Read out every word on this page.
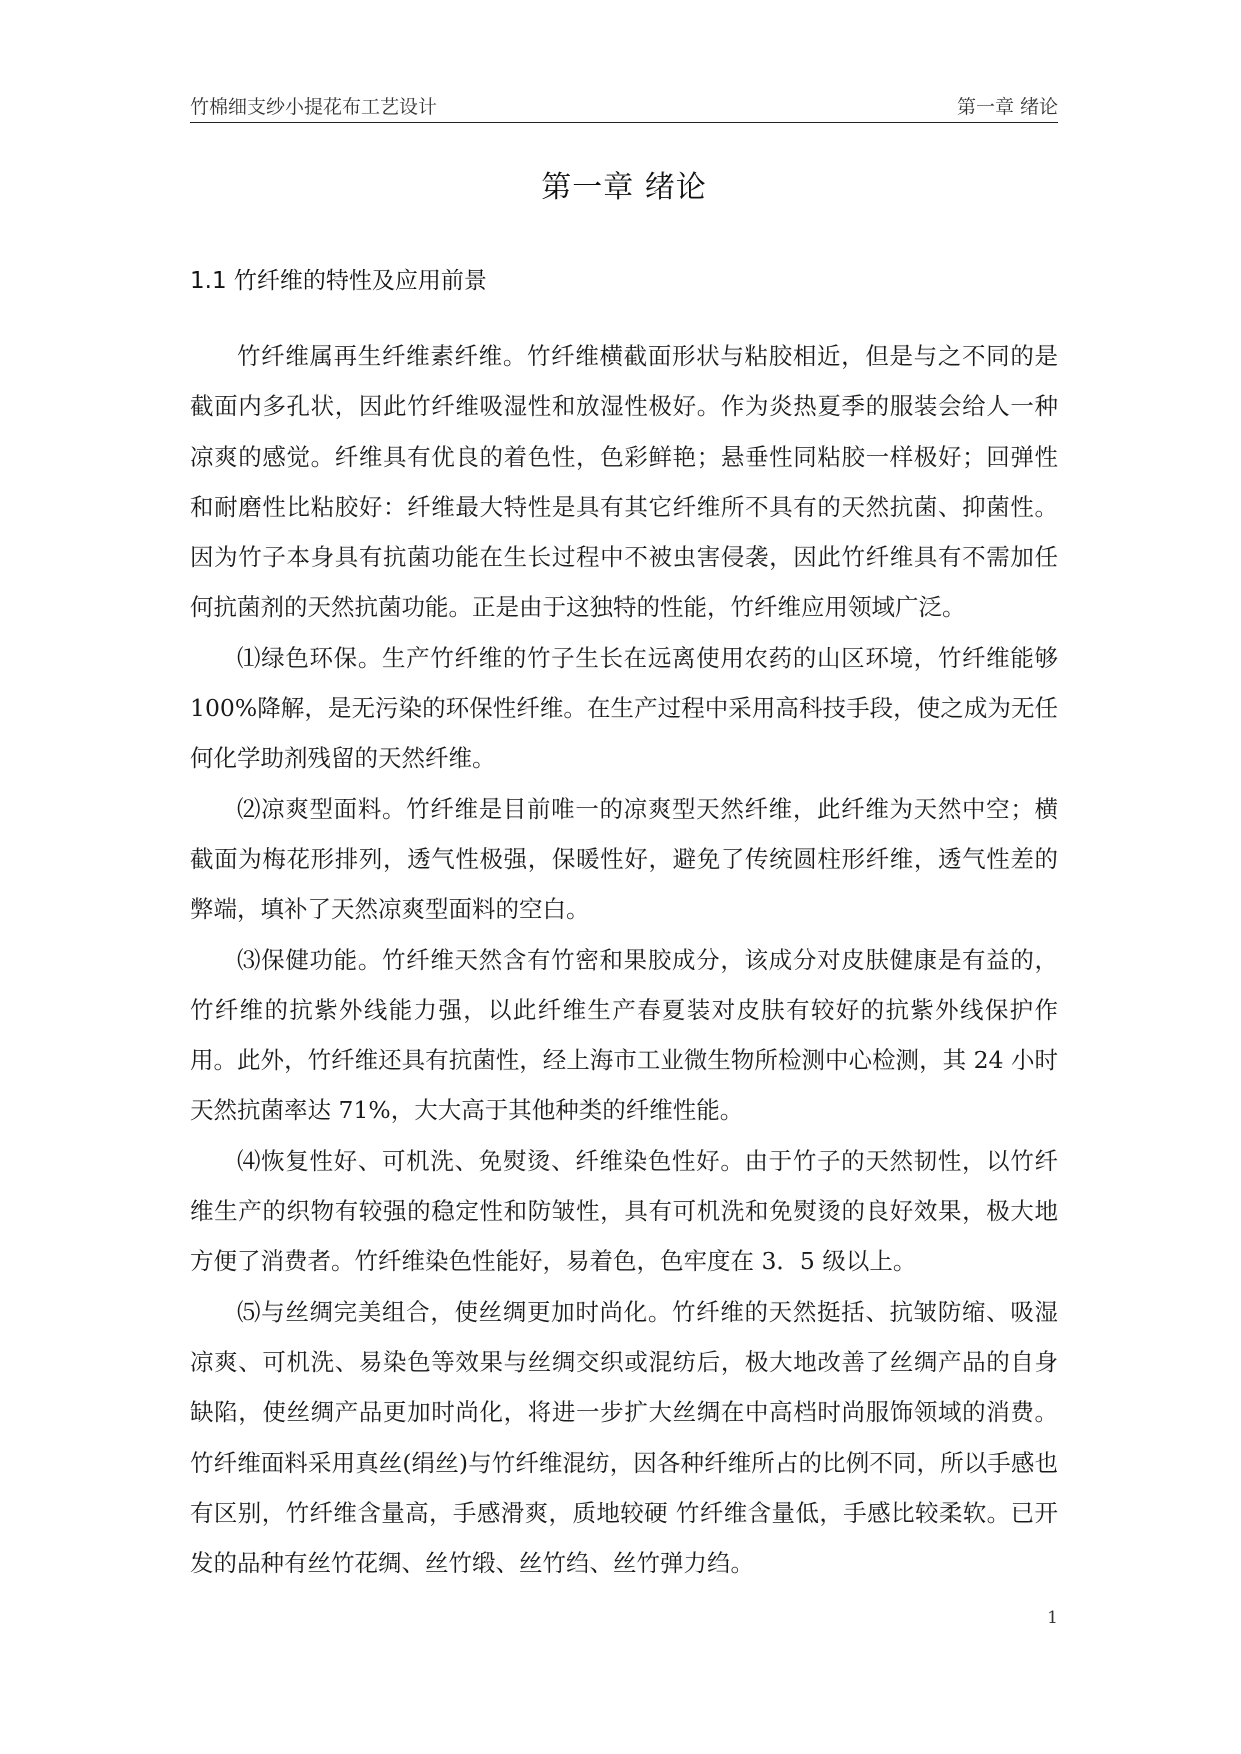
竹棉细支纱小提花布工艺设计	第一章 绪论
第一章 绪论
1.1 竹纤维的特性及应用前景

竹纤维属再生纤维素纤维。竹纤维横截面形状与粘胶相近，但是与之不同的是截面内多孔状，因此竹纤维吸湿性和放湿性极好。作为炎热夏季的服装会给人一种凉爽的感觉。纤维具有优良的着色性，色彩鲜艳；悬垂性同粘胶一样极好；回弹性和耐磨性比粘胶好：纤维最大特性是具有其它纤维所不具有的天然抗菌、抑菌性。因为竹子本身具有抗菌功能在生长过程中不被虫害侵袭，因此竹纤维具有不需加任何抗菌剂的天然抗菌功能。正是由于这独特的性能，竹纤维应用领域广泛。

⑴绿色环保。生产竹纤维的竹子生长在远离使用农药的山区环境，竹纤维能够 100%降解，是无污染的环保性纤维。在生产过程中采用高科技手段，使之成为无任何化学助剂残留的天然纤维。

⑵凉爽型面料。竹纤维是目前唯一的凉爽型天然纤维，此纤维为天然中空；横截面为梅花形排列，透气性极强，保暖性好，避免了传统圆柱形纤维，透气性差的弊端，填补了天然凉爽型面料的空白。

⑶保健功能。竹纤维天然含有竹密和果胶成分，该成分对皮肤健康是有益的，竹纤维的抗紫外线能力强，以此纤维生产春夏装对皮肤有较好的抗紫外线保护作用。此外，竹纤维还具有抗菌性，经上海市工业微生物所检测中心检测，其 24 小时天然抗菌率达 71%，大大高于其他种类的纤维性能。

⑷恢复性好、可机洗、免熨烫、纤维染色性好。由于竹子的天然韧性，以竹纤维生产的织物有较强的稳定性和防皱性，具有可机洗和免熨烫的良好效果，极大地方便了消费者。竹纤维染色性能好，易着色，色牢度在 3．5 级以上。

⑸与丝绸完美组合，使丝绸更加时尚化。竹纤维的天然挺括、抗皱防缩、吸湿凉爽、可机洗、易染色等效果与丝绸交织或混纺后，极大地改善了丝绸产品的自身缺陷，使丝绸产品更加时尚化，将进一步扩大丝绸在中高档时尚服饰领域的消费。竹纤维面料采用真丝(绢丝)与竹纤维混纺，因各种纤维所占的比例不同，所以手感也有区别，竹纤维含量高，手感滑爽，质地较硬 竹纤维含量低，手感比较柔软。已开发的品种有丝竹花绸、丝竹缎、丝竹绉、丝竹弹力绉。

1
